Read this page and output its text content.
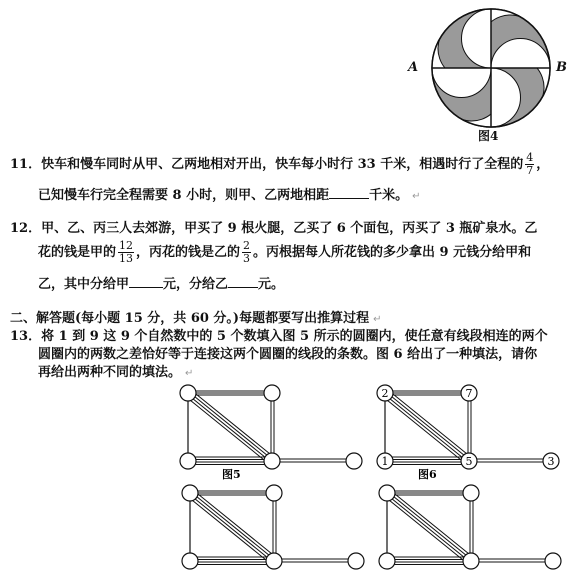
A	B
图4
11．快车和慢车同时从甲、乙两地相对开出，快车每小时行 33 千米，相遇时行了全程的 $\frac{4}{7}$ ，
已知慢车行完全程需要 8 小时，则甲、乙两地相距	千米。 ↵
12．甲、乙、丙三人去郊游，甲买了 9 根火腿，乙买了 6 个面包，丙买了 3 瓶矿泉水。乙
花的钱是甲的 $\frac{12}{13}$ ，丙花的钱是乙的 $\frac{2}{3}$ 。丙根据每人所花钱的多少拿出 9 元钱分给甲和
乙，其中分给甲	元，分给乙 元。
二、解答题(每小题 15 分，共 60 分。)每题都要写出推算过程 ↵
13．将 1 到 9 这 9 个自然数中的 5 个数填入图 5 所示的圆圈内，使任意有线段相连的两个
圆圈内的两数之差恰好等于连接这两个圆圈的线段的条数。图 6 给出了一种填法，请你
再给出两种不同的填法。 ↵
图5	图6
2	7
1	5	3
